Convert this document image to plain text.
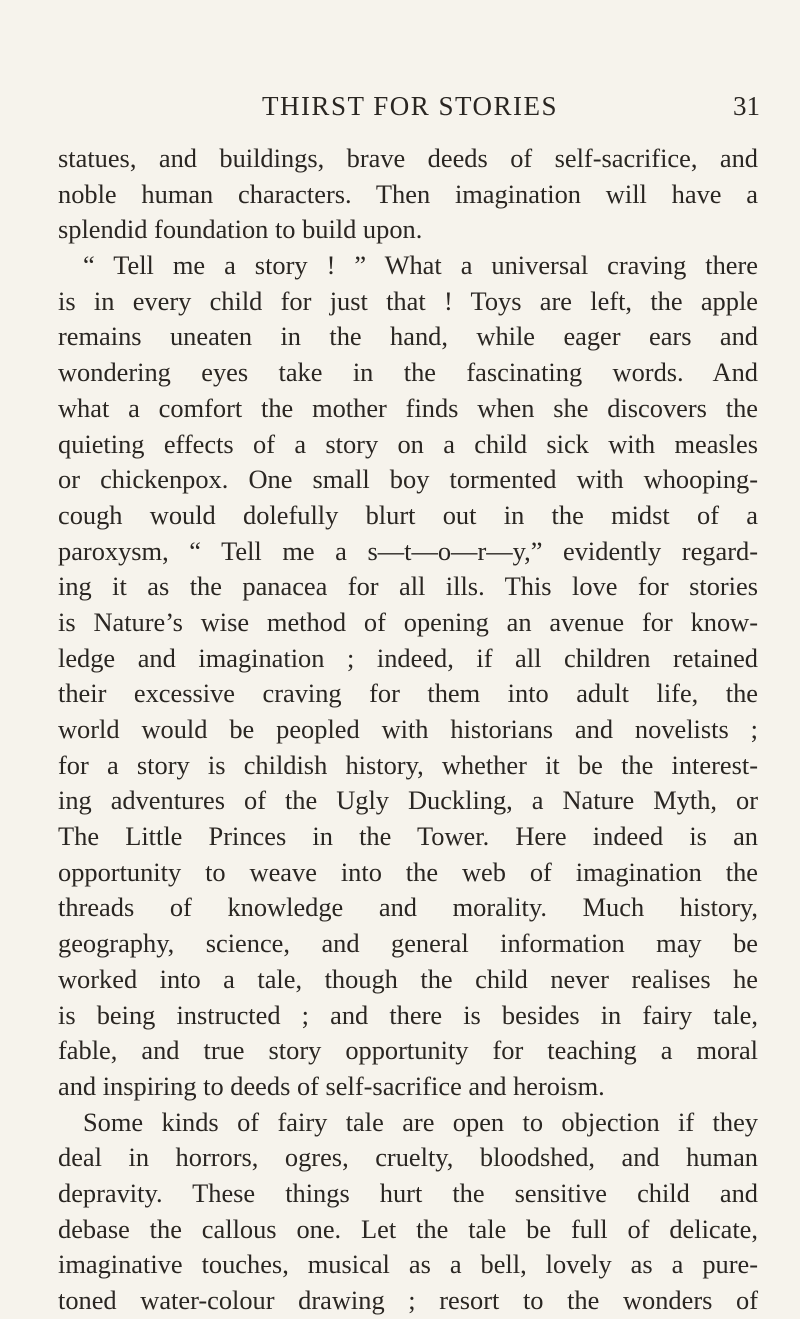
THIRST FOR STORIES	31
statues, and buildings, brave deeds of self-sacrifice, and
noble human characters. Then imagination will have a
splendid foundation to build upon.
“ Tell me a story ! ” What a universal craving there
is in every child for just that ! Toys are left, the apple
remains uneaten in the hand, while eager ears and
wondering eyes take in the fascinating words. And
what a comfort the mother finds when she discovers the
quieting effects of a story on a child sick with measles
or chickenpox. One small boy tormented with whooping-
cough would dolefully blurt out in the midst of a
paroxysm, “ Tell me a s—t—o—r—y,” evidently regard-
ing it as the panacea for all ills. This love for stories
is Nature’s wise method of opening an avenue for know-
ledge and imagination ; indeed, if all children retained
their excessive craving for them into adult life, the
world would be peopled with historians and novelists ;
for a story is childish history, whether it be the interest-
ing adventures of the Ugly Duckling, a Nature Myth, or
The Little Princes in the Tower. Here indeed is an
opportunity to weave into the web of imagination the
threads of knowledge and morality. Much history,
geography, science, and general information may be
worked into a tale, though the child never realises he
is being instructed ; and there is besides in fairy tale,
fable, and true story opportunity for teaching a moral
and inspiring to deeds of self-sacrifice and heroism.
Some kinds of fairy tale are open to objection if they
deal in horrors, ogres, cruelty, bloodshed, and human
depravity. These things hurt the sensitive child and
debase the callous one. Let the tale be full of delicate,
imaginative touches, musical as a bell, lovely as a pure-
toned water-colour drawing ; resort to the wonders of
